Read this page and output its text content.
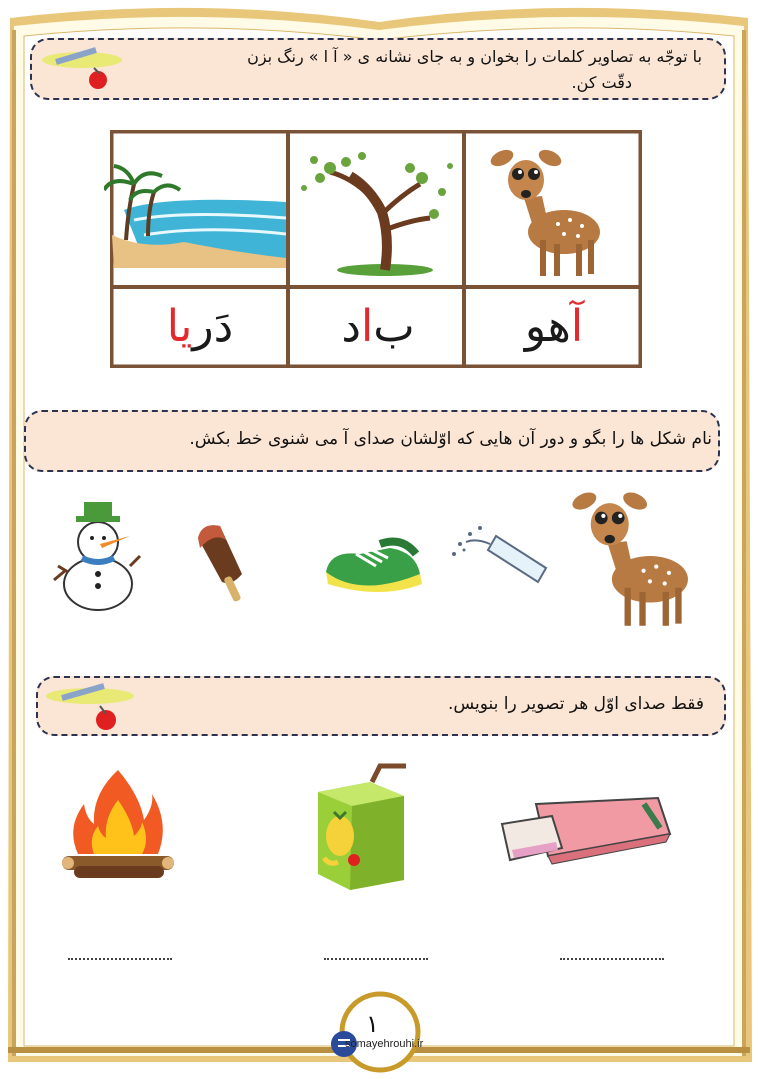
با توجّه به تصاویر کلمات را بخوان و به جای نشانه ی « آ ا » رنگ بزن
دقّت کن.
دَر
یا	ب
ا
د	آ
هو
نام شکل ها را بگو و دور آن هایی که اوّلشان صدای آ می شنوی خط بکش.
فقط صدای اوّل هر تصویر را بنویس.
۱
somayehrouhi.ir
